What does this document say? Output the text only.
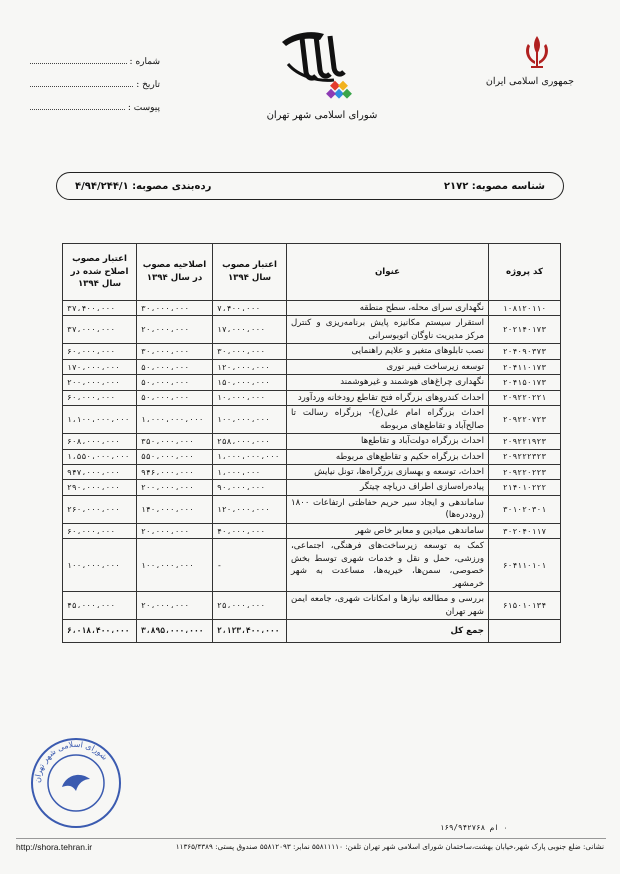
جمهوری اسلامی ایران
شورای اسلامی شهر تهران
شماره :
تاریخ :
پیوست :
شناسه مصوبه: ۲۱۷۲
رده‌بندی مصوبه: ۴/۹۴/۲۴۴/۱
کد پروژه	عنوان	اعتبار مصوب سال ۱۳۹۴	اصلاحیه مصوب در سال ۱۳۹۴	اعتبار مصوب اصلاح شده در سال ۱۳۹۴
۱۰۸۱۲۰۱۱۰	نگهداری سرای محله، سطح منطقه	۷،۴۰۰،۰۰۰	۳۰،۰۰۰،۰۰۰	۳۷،۴۰۰،۰۰۰
۲۰۲۱۴۰۱۷۳	استقرار سیستم مکانیزه پایش برنامه‌ریزی و کنترل مرکز مدیریت ناوگان اتوبوسرانی	۱۷،۰۰۰،۰۰۰	۲۰،۰۰۰،۰۰۰	۳۷،۰۰۰،۰۰۰
۲۰۴۰۹۰۳۷۳	نصب تابلوهای متغیر و علایم راهنمایی	۳۰،۰۰۰،۰۰۰	۳۰،۰۰۰،۰۰۰	۶۰،۰۰۰،۰۰۰
۲۰۴۱۱۰۱۷۳	توسعه زیرساخت فیبر نوری	۱۲۰،۰۰۰،۰۰۰	۵۰،۰۰۰،۰۰۰	۱۷۰،۰۰۰،۰۰۰
۲۰۴۱۵۰۱۷۳	نگهداری چراغ‌های هوشمند و غیرهوشمند	۱۵۰،۰۰۰،۰۰۰	۵۰،۰۰۰،۰۰۰	۲۰۰،۰۰۰،۰۰۰
۲۰۹۲۲۰۲۲۱	احداث کندروهای بزرگراه فتح تقاطع رودخانه وردآورد	۱۰،۰۰۰،۰۰۰	۵۰،۰۰۰،۰۰۰	۶۰،۰۰۰،۰۰۰
۲۰۹۲۲۰۷۲۳	احداث بزرگراه امام علی(ع)- بزرگراه رسالت تا صالح‌آباد و تقاطع‌های مربوطه	۱۰۰،۰۰۰،۰۰۰	۱،۰۰۰،۰۰۰،۰۰۰	۱،۱۰۰،۰۰۰،۰۰۰
۲۰۹۲۲۱۹۲۳	احداث بزرگراه دولت‌آباد و تقاطع‌ها	۲۵۸،۰۰۰،۰۰۰	۳۵۰،۰۰۰،۰۰۰	۶۰۸،۰۰۰،۰۰۰
۲۰۹۲۲۲۳۲۳	احداث بزرگراه حکیم و تقاطع‌های مربوطه	۱،۰۰۰،۰۰۰،۰۰۰	۵۵۰،۰۰۰،۰۰۰	۱،۵۵۰،۰۰۰،۰۰۰
۲۰۹۲۲۰۲۲۳	احداث، توسعه و بهسازی بزرگراه‌ها، تونل نیایش	۱،۰۰۰،۰۰۰	۹۴۶،۰۰۰،۰۰۰	۹۴۷،۰۰۰،۰۰۰
۲۱۴۰۱۰۲۲۲	پیاده‌راه‌سازی اطراف دریاچه چیتگر	۹۰،۰۰۰،۰۰۰	۲۰۰،۰۰۰،۰۰۰	۲۹۰،۰۰۰،۰۰۰
۳۰۱۰۲۰۳۰۱	ساماندهی و ایجاد سیر حریم حفاظتی ارتفاعات ۱۸۰۰ (روددره‌ها)	۱۲۰،۰۰۰،۰۰۰	۱۴۰،۰۰۰،۰۰۰	۲۶۰،۰۰۰،۰۰۰
۳۰۲۰۴۰۱۱۷	ساماندهی میادین و معابر خاص شهر	۴۰،۰۰۰،۰۰۰	۲۰،۰۰۰،۰۰۰	۶۰،۰۰۰،۰۰۰
۶۰۴۱۱۰۱۰۱	کمک به توسعه زیرساخت‌های فرهنگی، اجتماعی، ورزشی، حمل و نقل و خدمات شهری توسط بخش خصوصی، سمن‌ها، خیریه‌ها، مساعدت به شهر خرمشهر	-	۱۰۰،۰۰۰،۰۰۰	۱۰۰،۰۰۰،۰۰۰
۶۱۵۰۱۰۱۳۴	بررسی و مطالعه نیازها و امکانات شهری، جامعه ایمن شهر تهران	۲۵،۰۰۰،۰۰۰	۲۰،۰۰۰،۰۰۰	۴۵،۰۰۰،۰۰۰
	جمع کل	۲،۱۲۳،۴۰۰،۰۰۰	۳،۸۹۵،۰۰۰،۰۰۰	۶،۰۱۸،۴۰۰،۰۰۰
۰ ام ۱۶۹/۹۴۲۷۶۸
شورای اسلامی شهر تهران
نشانی: ضلع جنوبی پارک شهر،خیابان بهشت،ساختمان شورای اسلامی شهر تهران تلفن: ۵۵۸۱۱۱۱۰ نمابر: ۵۵۸۱۲۰۹۳ صندوق پستی: ۱۱۳۶۵/۴۳۸۹
http://shora.tehran.ir
